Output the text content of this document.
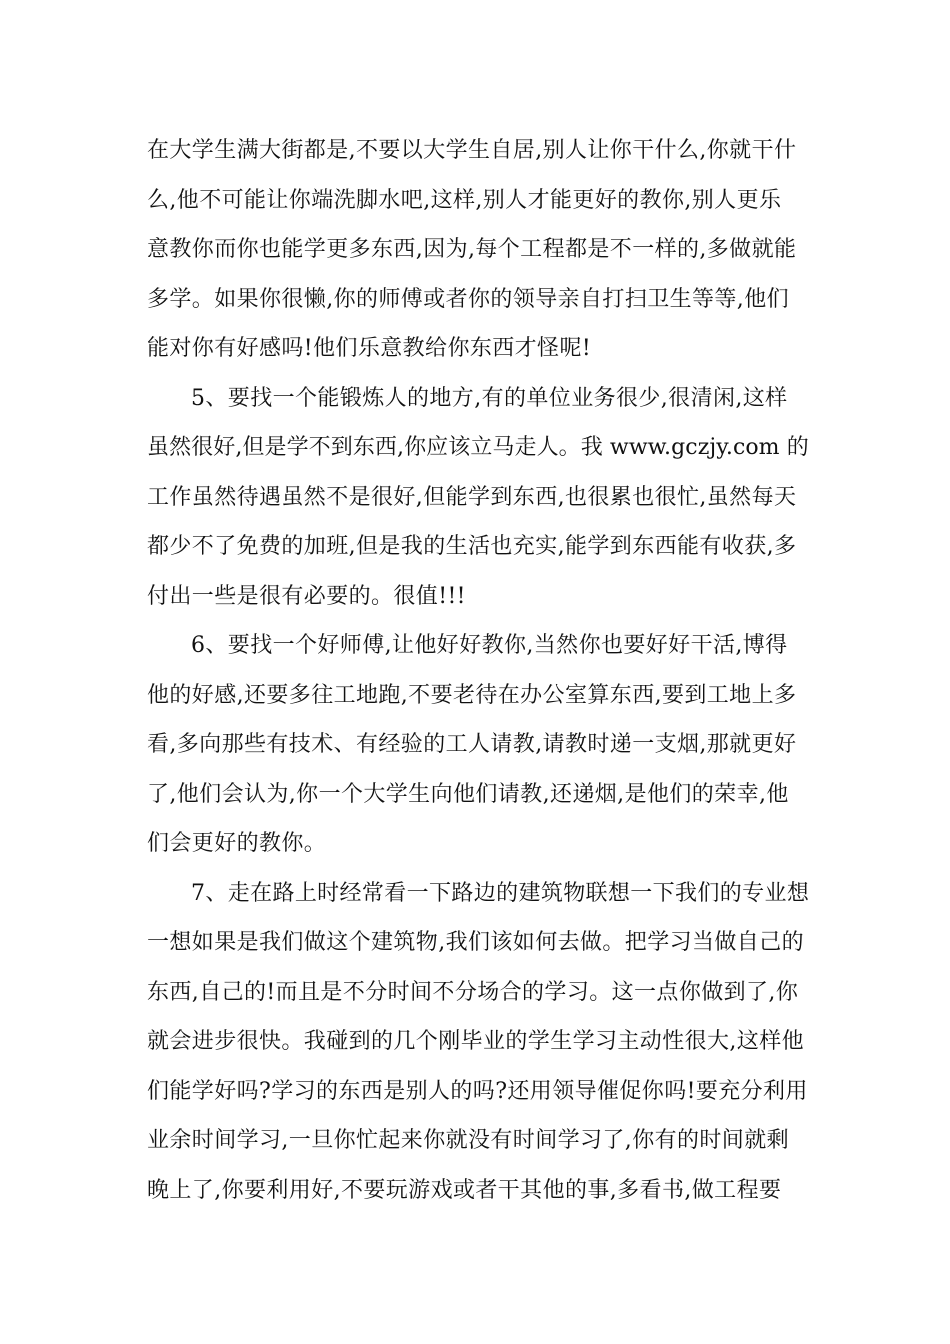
在大学生满大街都是,不要以大学生自居,别人让你干什么,你就干什
么,他不可能让你端洗脚水吧,这样,别人才能更好的教你,别人更乐
意教你而你也能学更多东西,因为,每个工程都是不一样的,多做就能
多学。如果你很懒,你的师傅或者你的领导亲自打扫卫生等等,他们
能对你有好感吗!他们乐意教给你东西才怪呢!
5、要找一个能锻炼人的地方,有的单位业务很少,很清闲,这样
虽然很好,但是学不到东西,你应该立马走人。我 www.gczjy.com 的
工作虽然待遇虽然不是很好,但能学到东西,也很累也很忙,虽然每天
都少不了免费的加班,但是我的生活也充实,能学到东西能有收获,多
付出一些是很有必要的。很值!!!
6、要找一个好师傅,让他好好教你,当然你也要好好干活,博得
他的好感,还要多往工地跑,不要老待在办公室算东西,要到工地上多
看,多向那些有技术、有经验的工人请教,请教时递一支烟,那就更好
了,他们会认为,你一个大学生向他们请教,还递烟,是他们的荣幸,他
们会更好的教你。
7、走在路上时经常看一下路边的建筑物联想一下我们的专业想
一想如果是我们做这个建筑物,我们该如何去做。把学习当做自己的
东西,自己的!而且是不分时间不分场合的学习。这一点你做到了,你
就会进步很快。我碰到的几个刚毕业的学生学习主动性很大,这样他
们能学好吗?学习的东西是别人的吗?还用领导催促你吗!要充分利用
业余时间学习,一旦你忙起来你就没有时间学习了,你有的时间就剩
晚上了,你要利用好,不要玩游戏或者干其他的事,多看书,做工程要
